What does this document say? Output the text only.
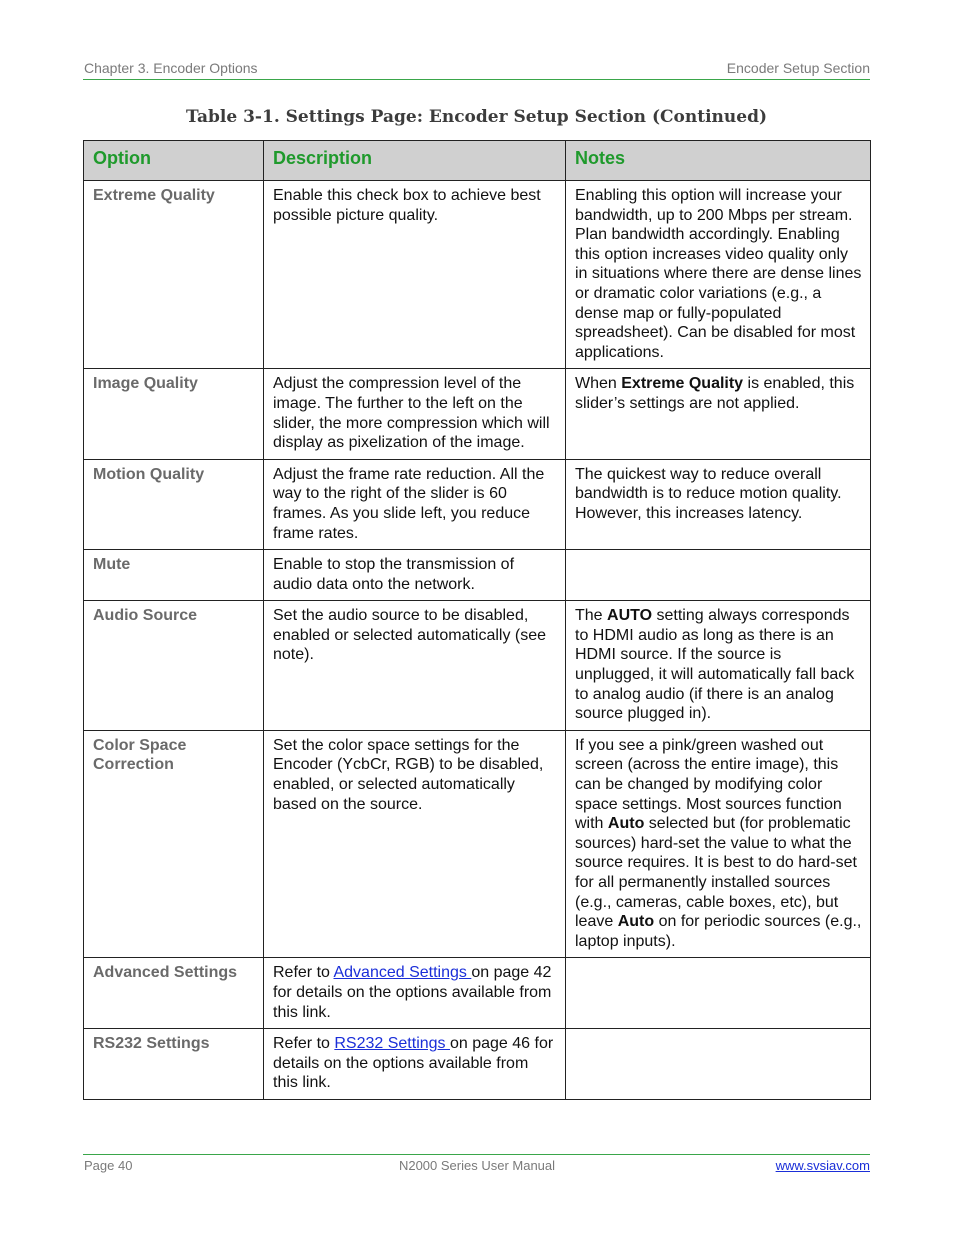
Chapter 3. Encoder Options	Encoder Setup Section
Table 3-1. Settings Page: Encoder Setup Section (Continued)
Option	Description	Notes
Extreme Quality	Enable this check box to achieve best possible picture quality.	Enabling this option will increase your bandwidth, up to 200 Mbps per stream. Plan bandwidth accordingly. Enabling this option increases video quality only in situations where there are dense lines or dramatic color variations (e.g., a dense map or fully-populated spreadsheet). Can be disabled for most applications.
Image Quality	Adjust the compression level of the image. The further to the left on the slider, the more compression which will display as pixelization of the image.	When Extreme Quality is enabled, this slider’s settings are not applied.
Motion Quality	Adjust the frame rate reduction. All the way to the right of the slider is 60 frames. As you slide left, you reduce frame rates.	The quickest way to reduce overall bandwidth is to reduce motion quality. However, this increases latency.
Mute	Enable to stop the transmission of audio data onto the network.	
Audio Source	Set the audio source to be disabled, enabled or selected automatically (see note).	The AUTO setting always corresponds to HDMI audio as long as there is an HDMI source. If the source is unplugged, it will automatically fall back to analog audio (if there is an analog source plugged in).
Color Space
Correction	Set the color space settings for the Encoder (YcbCr, RGB) to be disabled, enabled, or selected automatically based on the source.	If you see a pink/green washed out screen (across the entire image), this can be changed by modifying color space settings. Most sources function with Auto selected but (for problematic sources) hard-set the value to what the source requires. It is best to do hard-set for all permanently installed sources (e.g., cameras, cable boxes, etc), but leave Auto on for periodic sources (e.g., laptop inputs).
Advanced Settings	Refer to Advanced Settings on page 42 for details on the options available from this link.	
RS232 Settings	Refer to RS232 Settings on page 46 for details on the options available from this link.	
Page 40	N2000 Series User Manual	www.svsiav.com
